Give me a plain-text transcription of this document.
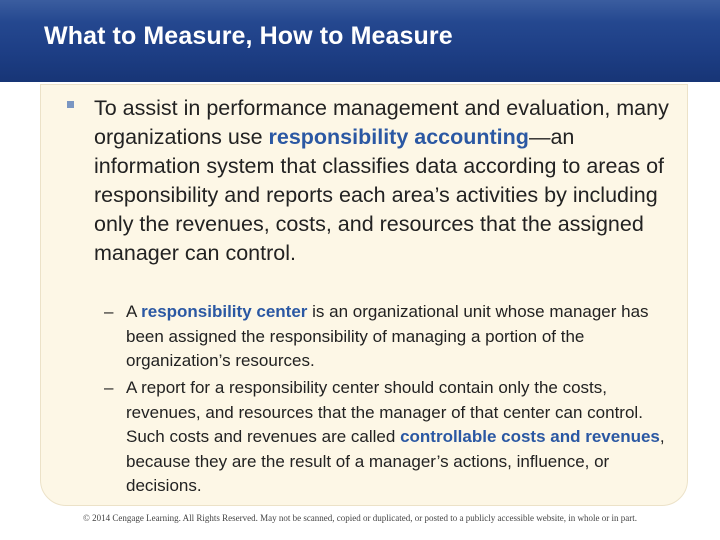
What to Measure, How to Measure
To assist in performance management and evaluation, many organizations use responsibility accounting—an information system that classifies data according to areas of responsibility and reports each area’s activities by including only the revenues, costs, and resources that the assigned manager can control.
– A responsibility center is an organizational unit whose manager has been assigned the responsibility of managing a portion of the organization’s resources.
– A report for a responsibility center should contain only the costs, revenues, and resources that the manager of that center can control. Such costs and revenues are called controllable costs and revenues, because they are the result of a manager’s actions, influence, or decisions.
© 2014 Cengage Learning. All Rights Reserved. May not be scanned, copied or duplicated, or posted to a publicly accessible website, in whole or in part.
